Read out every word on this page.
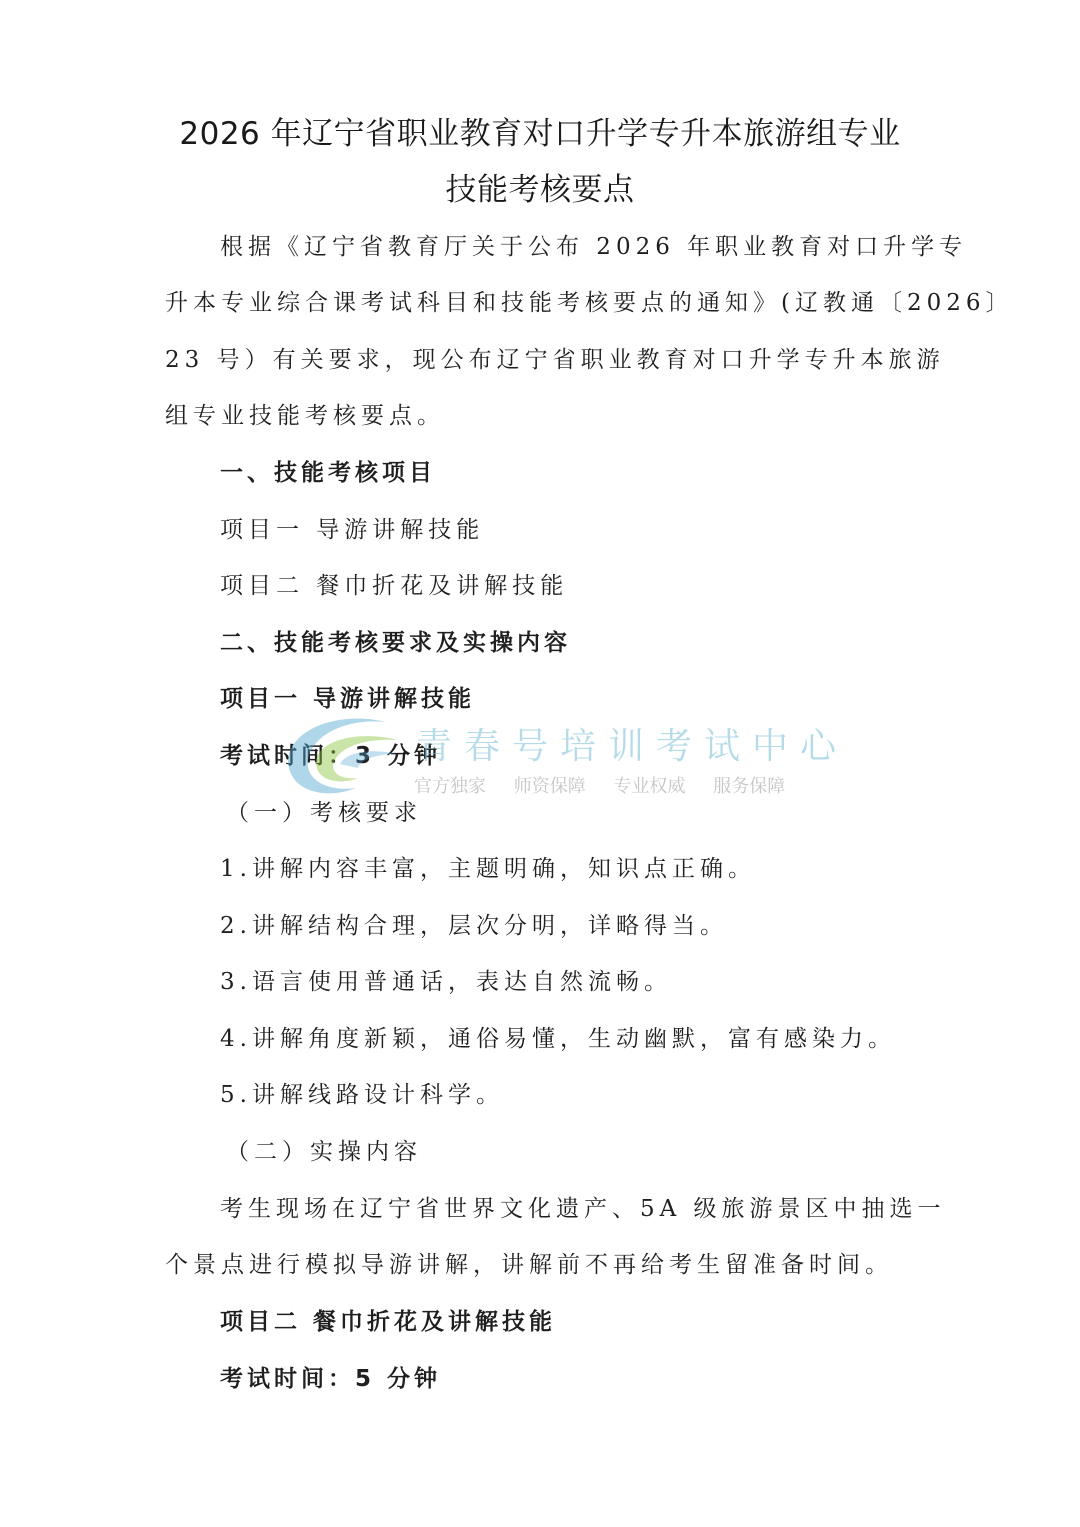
2026 年辽宁省职业教育对口升学专升本旅游组专业
技能考核要点
根据《辽宁省教育厅关于公布 2026 年职业教育对口升学专
升本专业综合课考试科目和技能考核要点的通知》(辽教通〔2026〕
23 号）有关要求，现公布辽宁省职业教育对口升学专升本旅游
组专业技能考核要点。
一、技能考核项目
项目一 导游讲解技能
项目二 餐巾折花及讲解技能
二、技能考核要求及实操内容
项目一 导游讲解技能
考试时间：3 分钟
（一）考核要求
1.讲解内容丰富，主题明确，知识点正确。
2.讲解结构合理，层次分明，详略得当。
3.语言使用普通话，表达自然流畅。
4.讲解角度新颖，通俗易懂，生动幽默，富有感染力。
5.讲解线路设计科学。
（二）实操内容
考生现场在辽宁省世界文化遗产、5A 级旅游景区中抽选一
个景点进行模拟导游讲解，讲解前不再给考生留准备时间。
项目二 餐巾折花及讲解技能
考试时间：5 分钟
青春号培训考试中心
官方独家 师资保障 专业权威 服务保障
